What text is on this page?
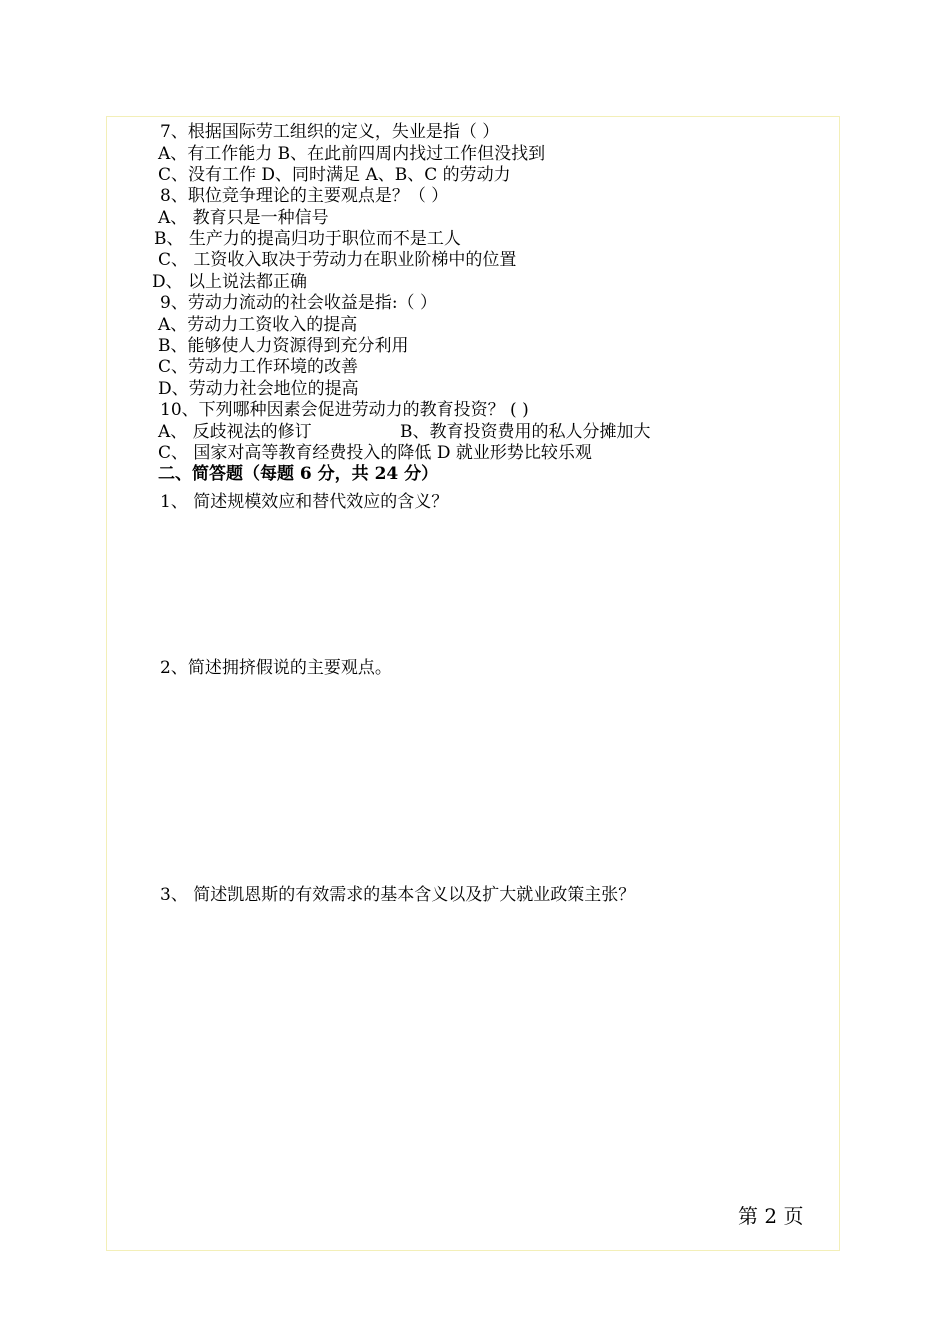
7、根据国际劳工组织的定义，失业是指（ ）
A、有工作能力 B、在此前四周内找过工作但没找到
C、没有工作 D、同时满足 A、B、C 的劳动力
8、职位竞争理论的主要观点是？（ ）
A、 教育只是一种信号
B、 生产力的提高归功于职位而不是工人
C、 工资收入取决于劳动力在职业阶梯中的位置
D、 以上说法都正确
9、劳动力流动的社会收益是指:（ ）
A、劳动力工资收入的提高
B、能够使人力资源得到充分利用
C、劳动力工作环境的改善
D、劳动力社会地位的提高
10、下列哪种因素会促进劳动力的教育投资？ ( )
A、 反歧视法的修订	B、教育投资费用的私人分摊加大
C、 国家对高等教育经费投入的降低 D 就业形势比较乐观
二、简答题（每题 6 分，共 24 分）
1、 简述规模效应和替代效应的含义？
2、简述拥挤假说的主要观点。
3、 简述凯恩斯的有效需求的基本含义以及扩大就业政策主张？
第 2 页
